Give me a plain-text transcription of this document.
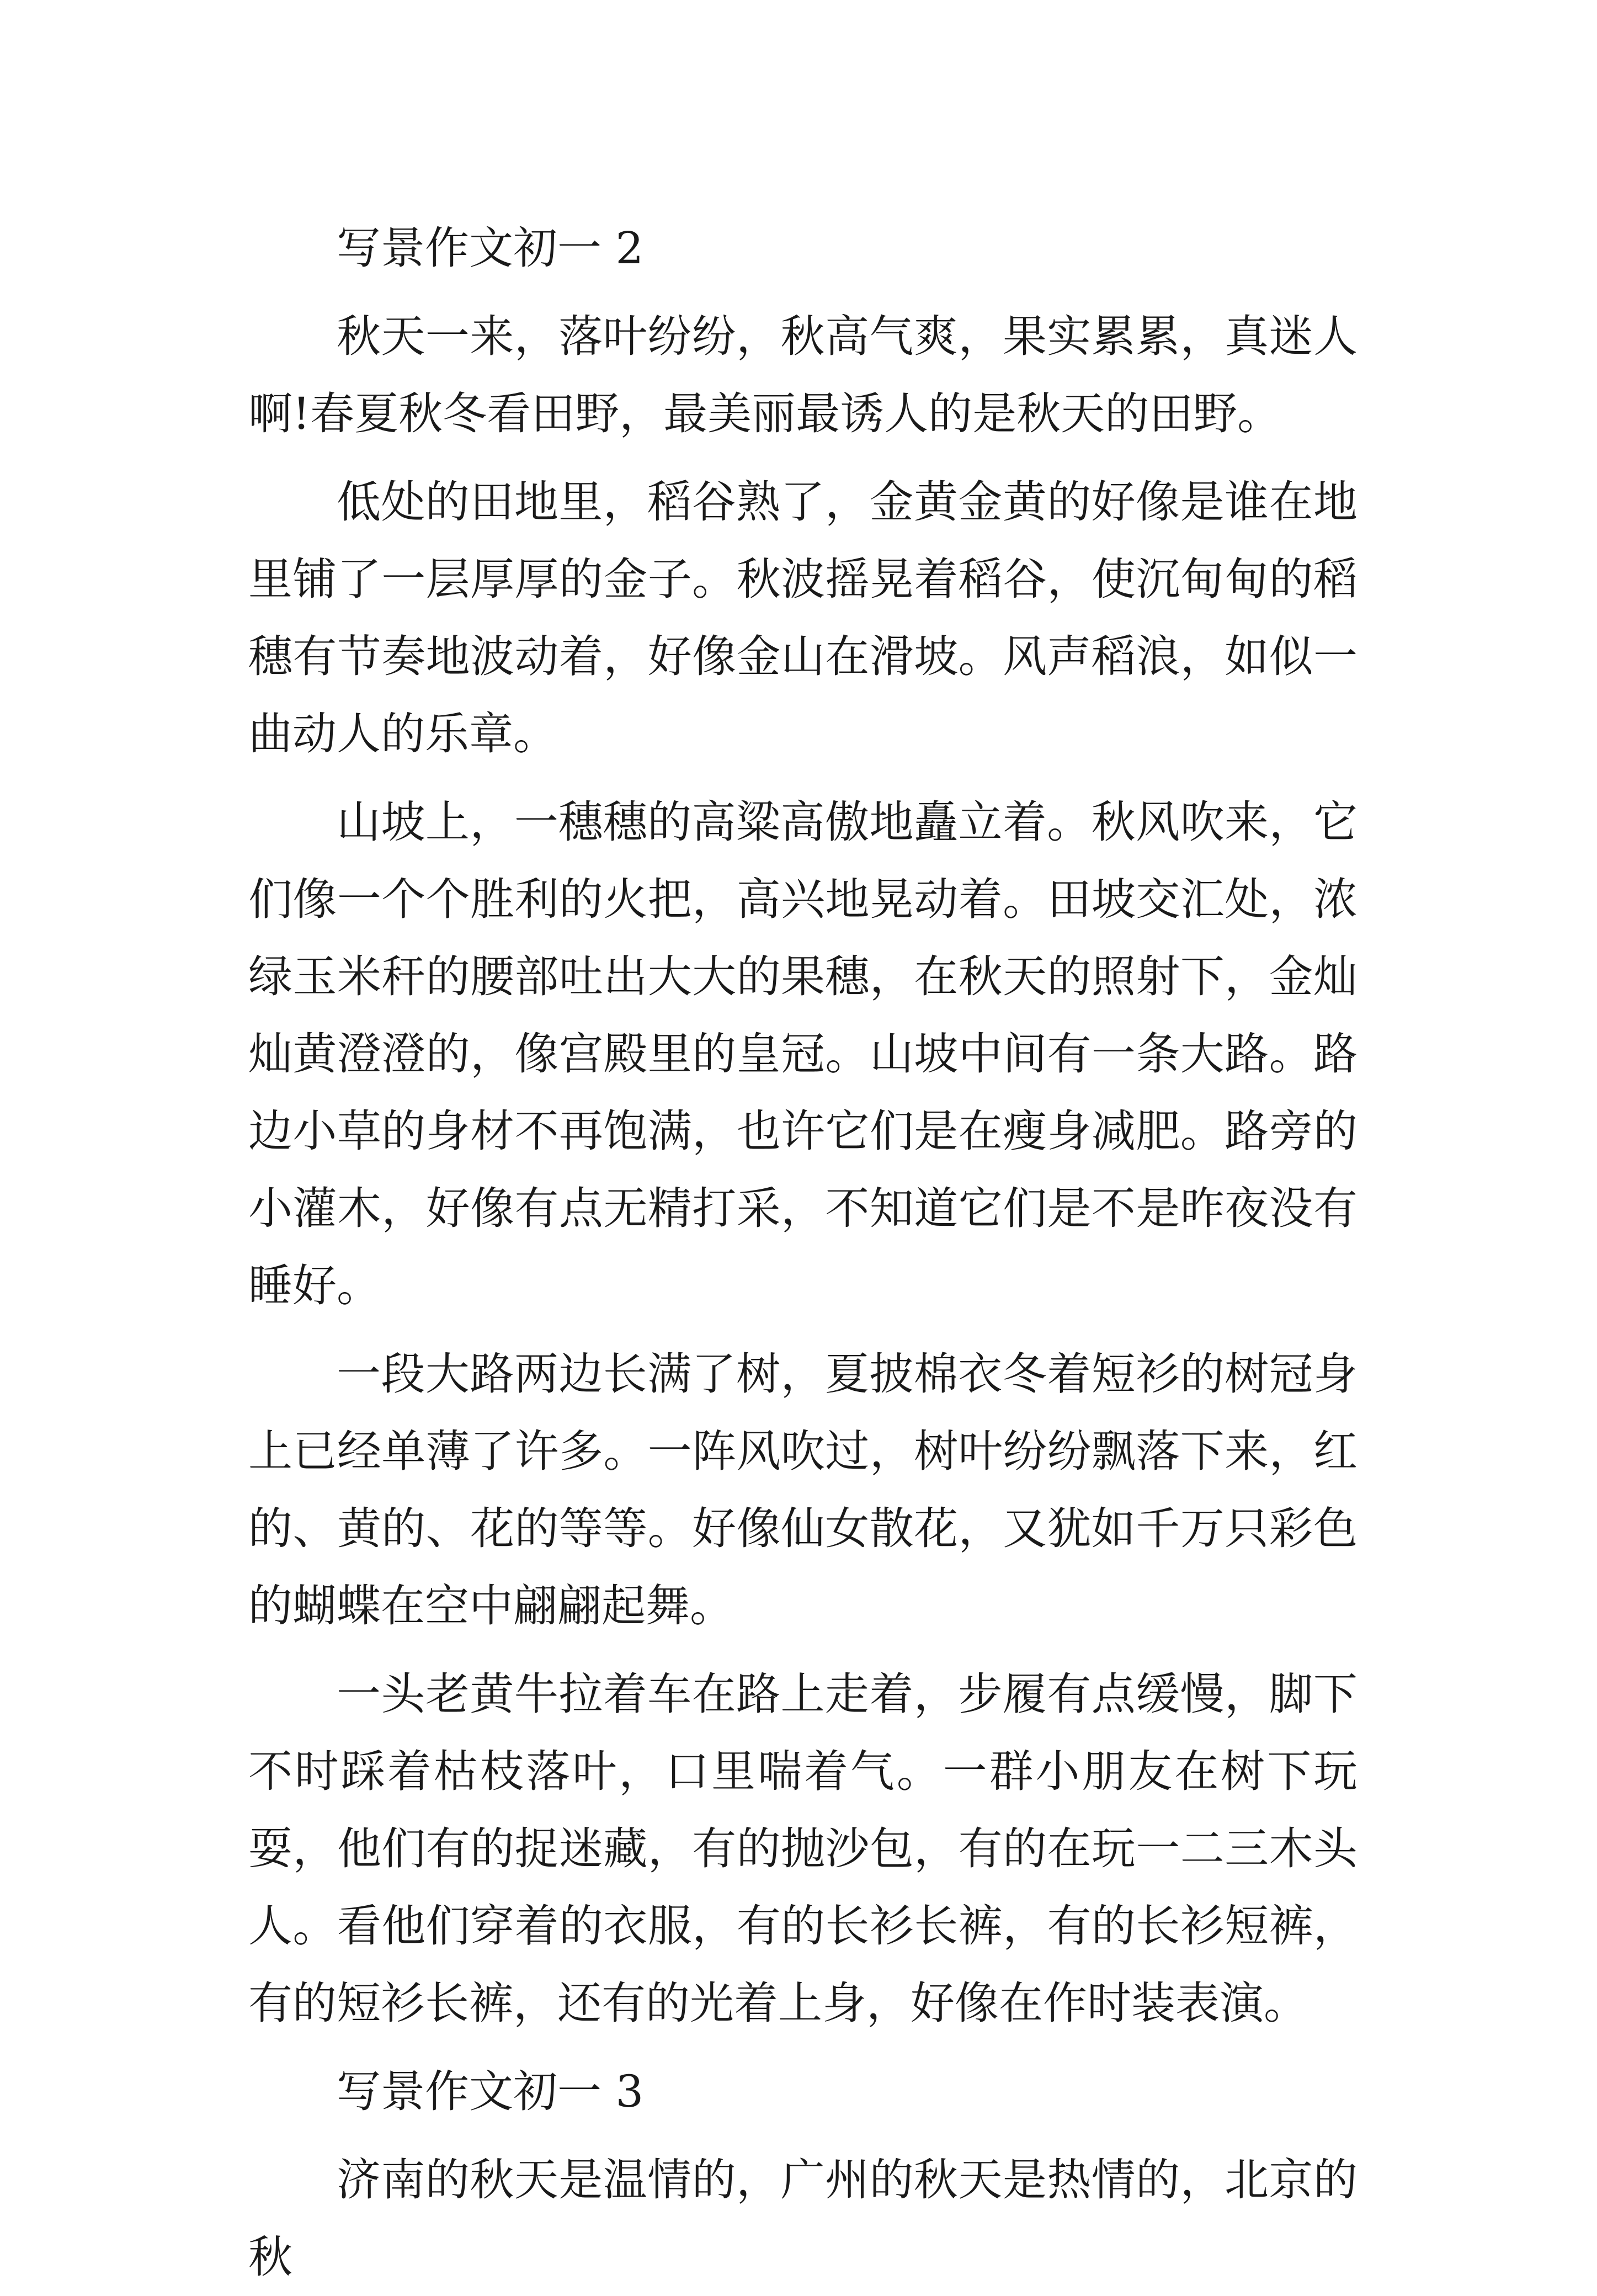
写景作文初一 2

秋天一来，落叶纷纷，秋高气爽，果实累累，真迷人啊!春夏秋冬看田野，最美丽最诱人的是秋天的田野。

低处的田地里，稻谷熟了，金黄金黄的好像是谁在地里铺了一层厚厚的金子。秋波摇晃着稻谷，使沉甸甸的稻穗有节奏地波动着，好像金山在滑坡。风声稻浪，如似一曲动人的乐章。

山坡上，一穗穗的高粱高傲地矗立着。秋风吹来，它们像一个个胜利的火把，高兴地晃动着。田坡交汇处，浓绿玉米秆的腰部吐出大大的果穗，在秋天的照射下，金灿灿黄澄澄的，像宫殿里的皇冠。山坡中间有一条大路。路边小草的身材不再饱满，也许它们是在瘦身减肥。路旁的小灌木，好像有点无精打采，不知道它们是不是昨夜没有睡好。

一段大路两边长满了树，夏披棉衣冬着短衫的树冠身上已经单薄了许多。一阵风吹过，树叶纷纷飘落下来，红的、黄的、花的等等。好像仙女散花，又犹如千万只彩色的蝴蝶在空中翩翩起舞。

一头老黄牛拉着车在路上走着，步履有点缓慢，脚下不时踩着枯枝落叶，口里喘着气。一群小朋友在树下玩耍，他们有的捉迷藏，有的抛沙包，有的在玩一二三木头人。看他们穿着的衣服，有的长衫长裤，有的长衫短裤，有的短衫长裤，还有的光着上身，好像在作时装表演。

写景作文初一 3

济南的秋天是温情的，广州的秋天是热情的，北京的秋
